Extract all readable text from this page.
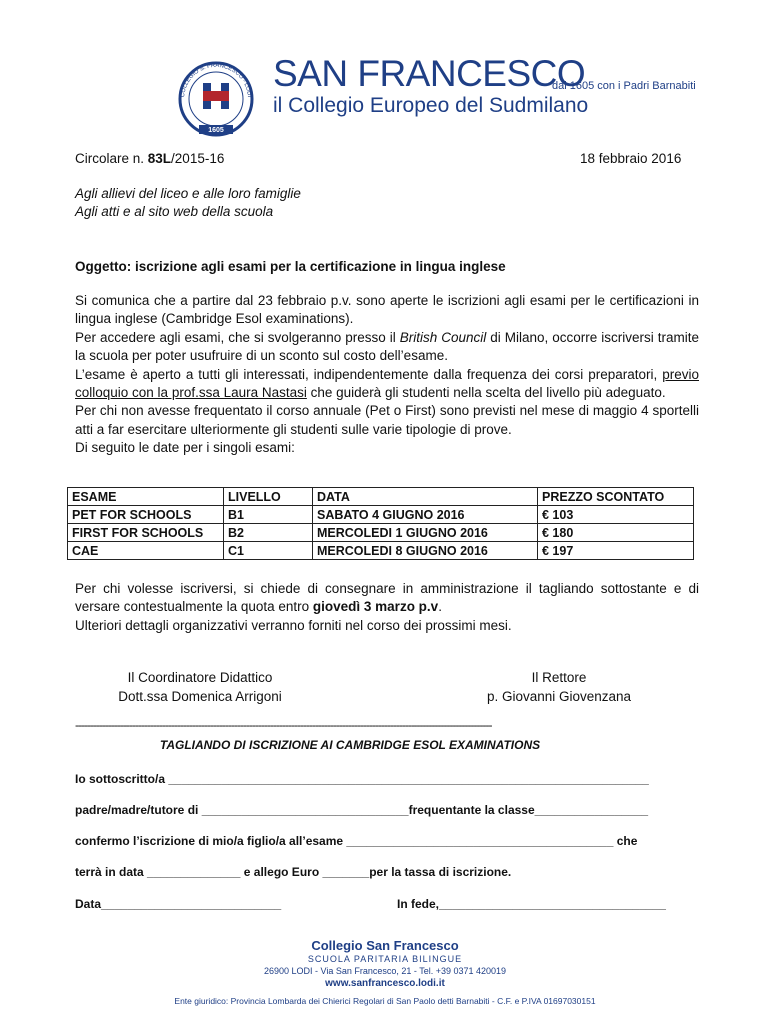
COLLEGIO S. FRANCESCO - LODI
1605
SAN FRANCESCO
il Collegio Europeo del Sudmilano
dal 1605 con i Padri Barnabiti
Circolare n. 83L/2015-16	18 febbraio 2016
Agli allievi del liceo e alle loro famiglie
Agli atti e al sito web della scuola
Oggetto: iscrizione agli esami per la certificazione in lingua inglese

Si comunica che a partire dal 23 febbraio p.v. sono aperte le iscrizioni agli esami per le certificazioni in lingua inglese (Cambridge Esol examinations).

Per accedere agli esami, che si svolgeranno presso il British Council di Milano, occorre iscriversi tramite la scuola per poter usufruire di un sconto sul costo dell’esame.

L’esame è aperto a tutti gli interessati, indipendentemente dalla frequenza dei corsi preparatori, previo colloquio con la prof.ssa Laura Nastasi che guiderà gli studenti nella scelta del livello più adeguato.

Per chi non avesse frequentato il corso annuale (Pet o First) sono previsti nel mese di maggio 4 sportelli atti a far esercitare ulteriormente gli studenti sulle varie tipologie di prove.

Di seguito le date per i singoli esami:

ESAME	LIVELLO	DATA	PREZZO SCONTATO
PET FOR SCHOOLS	B1	SABATO 4 GIUGNO 2016	€ 103
FIRST FOR SCHOOLS	B2	MERCOLEDI 1 GIUGNO 2016	€ 180
CAE	C1	MERCOLEDI 8 GIUGNO 2016	€ 197

Per chi volesse iscriversi, si chiede di consegnare in amministrazione il tagliando sottostante e di versare contestualmente la quota entro giovedì 3 marzo p.v.

Ulteriori dettagli organizzativi verranno forniti nel corso dei prossimi mesi.

Il Coordinatore Didattico
Dott.ssa Domenica Arrigoni
Il Rettore
p. Giovanni Giovenzana
-------------------------------------------------------------------------------------------------------------------------------------------
TAGLIANDO DI ISCRIZIONE AI CAMBRIDGE ESOL EXAMINATIONS
Io sottoscritto/a ________________________________________________________________________
padre/madre/tutore di _______________________________frequentante la classe_________________
confermo l’iscrizione di mio/a figlio/a all’esame ________________________________________ che
terrà in data ______________ e allego Euro _______per la tassa di iscrizione.
Data___________________________	In fede,__________________________________
Collegio San Francesco
SCUOLA PARITARIA BILINGUE
26900 LODI - Via San Francesco, 21 - Tel. +39 0371 420019
www.sanfrancesco.lodi.it
Ente giuridico: Provincia Lombarda dei Chierici Regolari di San Paolo detti Barnabiti - C.F. e P.IVA 01697030151
